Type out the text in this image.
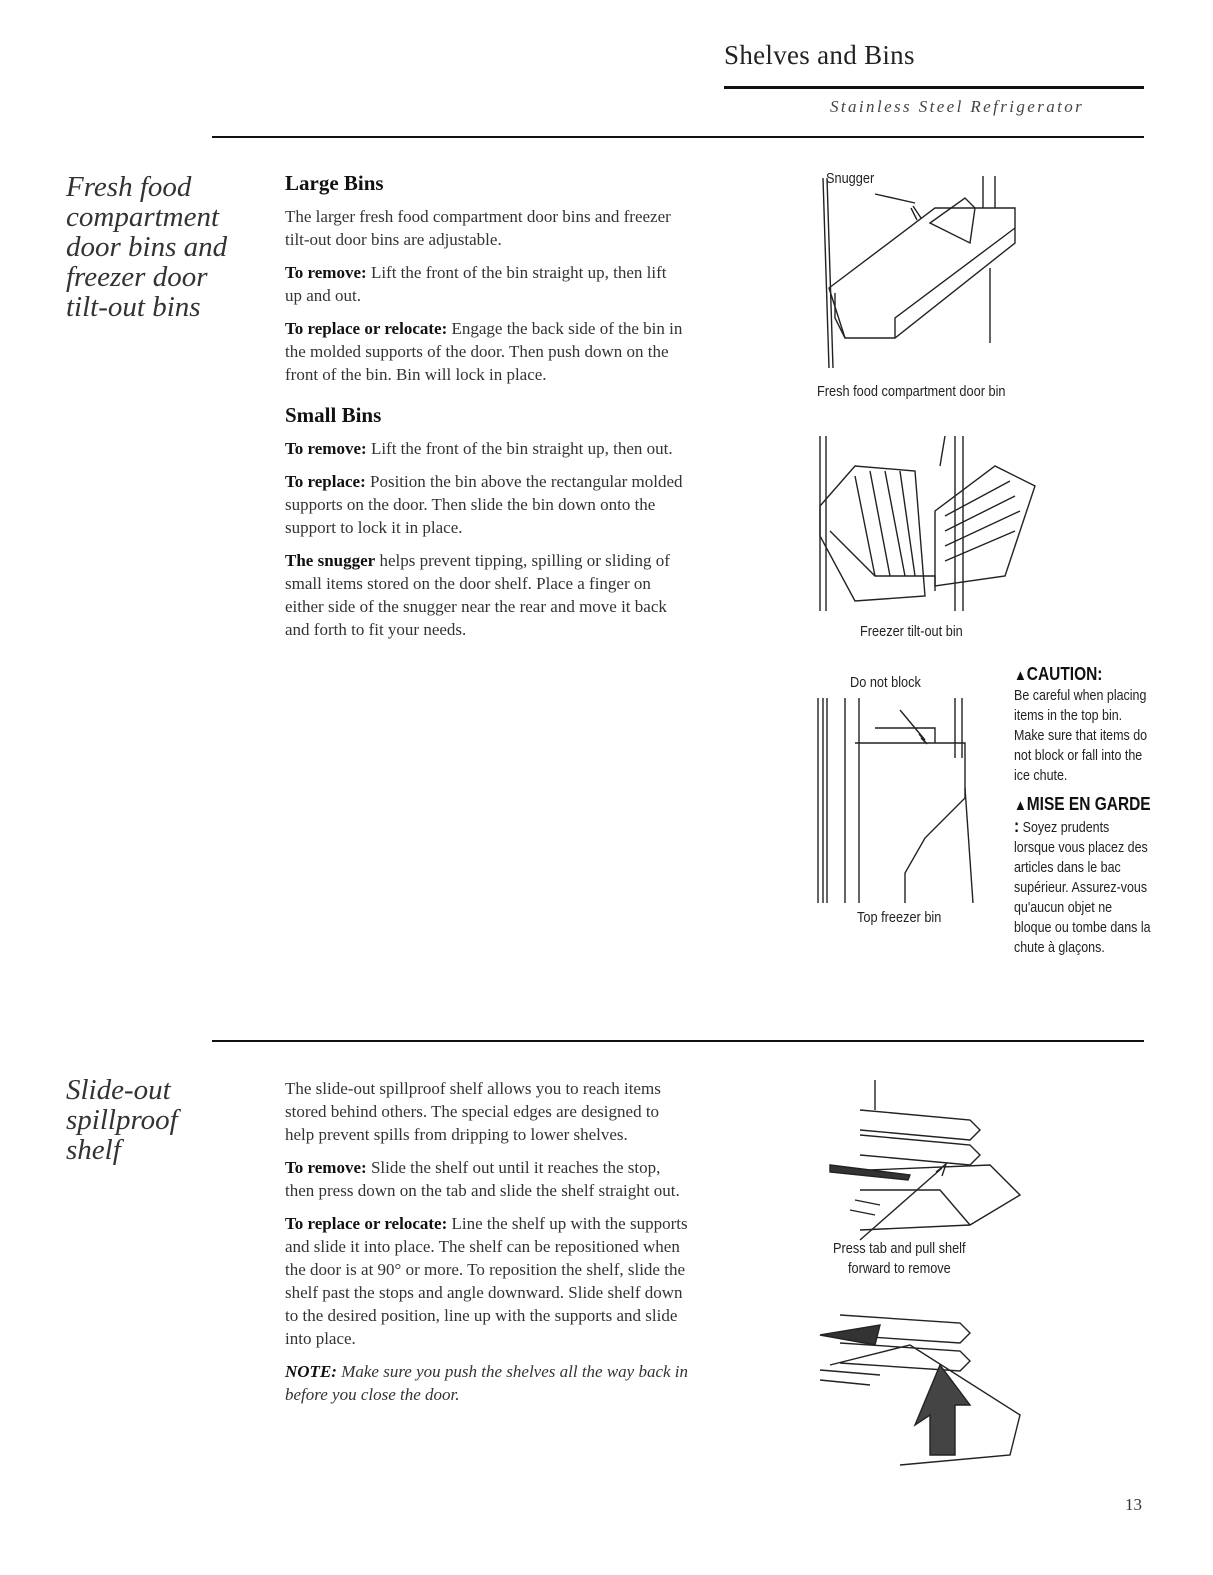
Shelves and Bins
Stainless Steel Refrigerator
Fresh food
compartment
door bins and
freezer door
tilt-out bins
Large Bins

The larger fresh food compartment door bins and freezer tilt-out door bins are adjustable.

To remove: Lift the front of the bin straight up, then lift up and out.

To replace or relocate: Engage the back side of the bin in the molded supports of the door. Then push down on the front of the bin. Bin will lock in place.

Small Bins

To remove: Lift the front of the bin straight up, then out.

To replace: Position the bin above the rectangular molded supports on the door. Then slide the bin down onto the support to lock it in place.

The snugger helps prevent tipping, spilling or sliding of small items stored on the door shelf. Place a finger on either side of the snugger near the rear and move it back and forth to fit your needs.

Snugger
Fresh food compartment door bin
Freezer tilt-out bin
Do not block
Top freezer bin
▲CAUTION:
Be careful when placing items in the top bin. Make sure that items do not block or fall into the ice chute.
▲MISE EN GARDE : Soyez prudents lorsque vous placez des articles dans le bac supérieur. Assurez-vous qu'aucun objet ne bloque ou tombe dans la chute à glaçons.
Slide-out
spillproof
shelf

The slide-out spillproof shelf allows you to reach items stored behind others. The special edges are designed to help prevent spills from dripping to lower shelves.

To remove: Slide the shelf out until it reaches the stop, then press down on the tab and slide the shelf straight out.

To replace or relocate: Line the shelf up with the supports and slide it into place. The shelf can be repositioned when the door is at 90° or more. To reposition the shelf, slide the shelf past the stops and angle downward. Slide shelf down to the desired position, line up with the supports and slide into place.

NOTE: Make sure you push the shelves all the way back in before you close the door.

Press tab and pull shelf
forward to remove
13
